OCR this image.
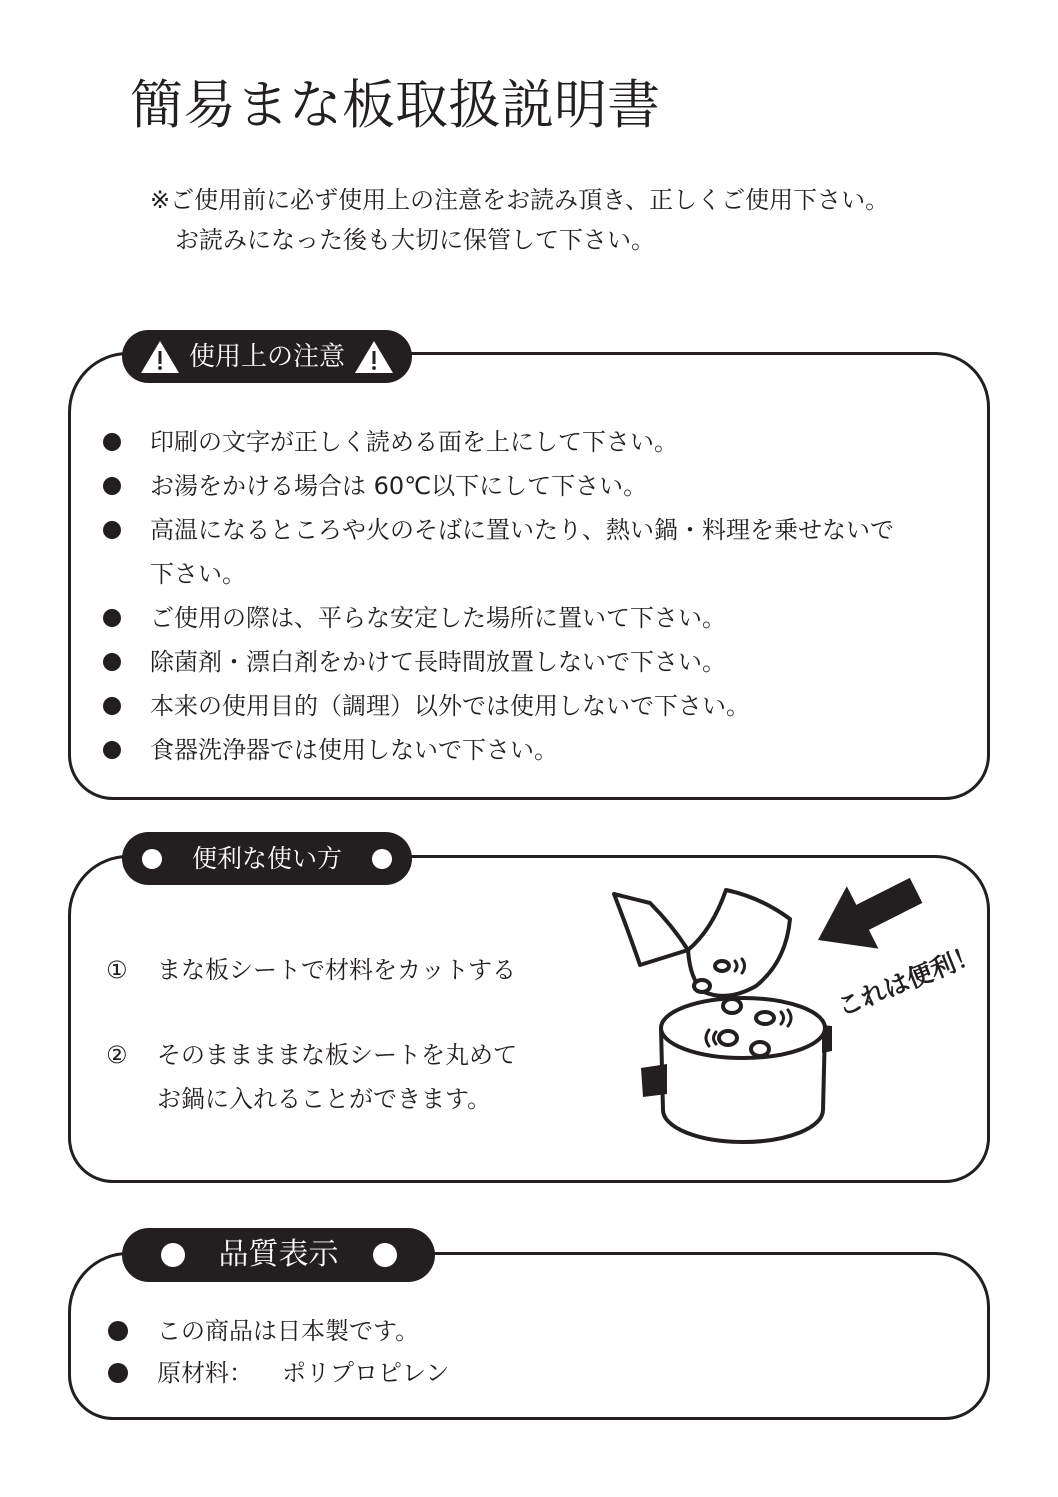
簡易まな板取扱説明書
※ご使用前に必ず使用上の注意をお読み頂き、正しくご使用下さい。
お読みになった後も大切に保管して下さい。
使用上の注意
印刷の文字が正しく読める面を上にして下さい。
お湯をかける場合は 60℃以下にして下さい。
高温になるところや火のそばに置いたり、熱い鍋・料理を乗せないで
下さい。
ご使用の際は、平らな安定した場所に置いて下さい。
除菌剤・漂白剤をかけて長時間放置しないで下さい。
本来の使用目的（調理）以外では使用しないで下さい。
食器洗浄器では使用しないで下さい。
便利な使い方
①	まな板シートで材料をカットする
②	そのままままな板シートを丸めて
お鍋に入れることができます。
これは便利！
品質表示
この商品は日本製です。
原材料： ポリプロピレン
